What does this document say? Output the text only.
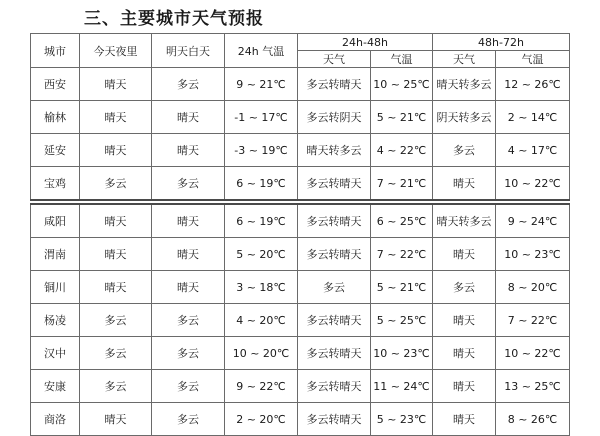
三、主要城市天气预报
城市	今天夜里	明天白天	24h 气温	24h-48h		48h-72h	
				天气	气温	天气	气温
西安	晴天	多云	9 ~ 21℃	多云转晴天	10 ~ 25℃	晴天转多云	12 ~ 26℃
榆林	晴天	晴天	-1 ~ 17℃	多云转阴天	5 ~ 21℃	阴天转多云	2 ~ 14℃
延安	晴天	晴天	-3 ~ 19℃	晴天转多云	4 ~ 22℃	多云	4 ~ 17℃
宝鸡	多云	多云	6 ~ 19℃	多云转晴天	7 ~ 21℃	晴天	10 ~ 22℃

咸阳	晴天	晴天	6 ~ 19℃	多云转晴天	6 ~ 25℃	晴天转多云	9 ~ 24℃
渭南	晴天	晴天	5 ~ 20℃	多云转晴天	7 ~ 22℃	晴天	10 ~ 23℃
铜川	晴天	晴天	3 ~ 18℃	多云	5 ~ 21℃	多云	8 ~ 20℃
杨凌	多云	多云	4 ~ 20℃	多云转晴天	5 ~ 25℃	晴天	7 ~ 22℃
汉中	多云	多云	10 ~ 20℃	多云转晴天	10 ~ 23℃	晴天	10 ~ 22℃
安康	多云	多云	9 ~ 22℃	多云转晴天	11 ~ 24℃	晴天	13 ~ 25℃
商洛	晴天	多云	2 ~ 20℃	多云转晴天	5 ~ 23℃	晴天	8 ~ 26℃
